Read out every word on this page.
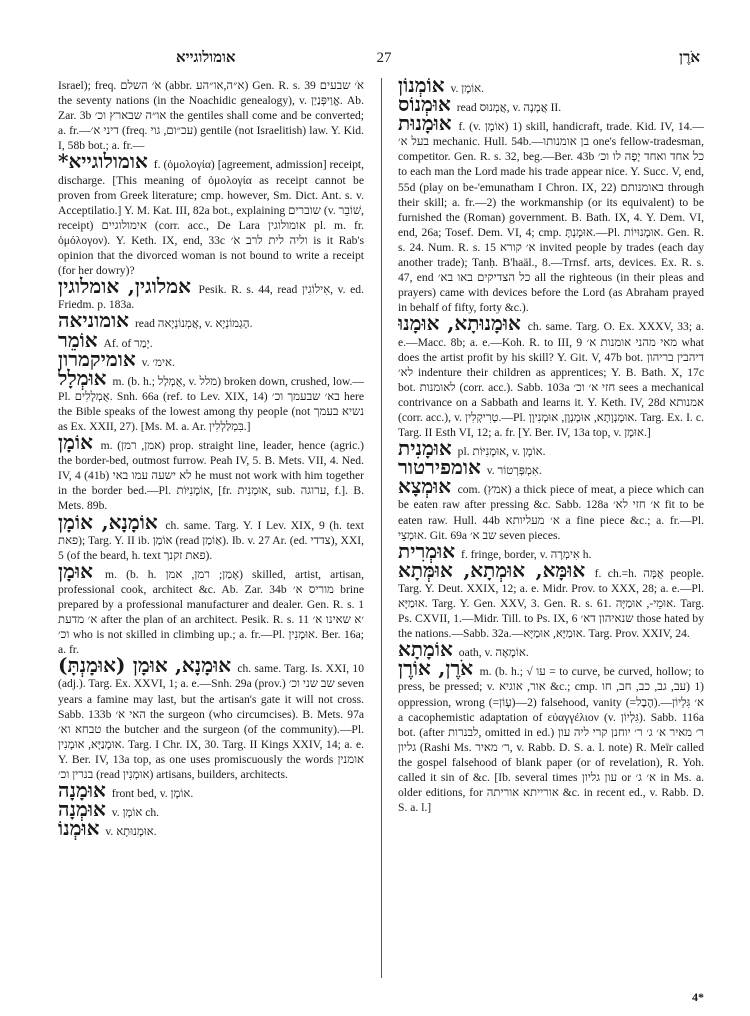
אומולוגייא	27	אֹרֶן

Israel); freq. אֹ׳ השלם (abbr. א״ה,או״הע) Gen. R. s. 39 אֹ׳ שבעים the seventy nations (in the Noachidic genealogy), v. אֱוַיפְּנַיַן. Ab. Zar. 3b או״ה שבארץ וכ׳ the gentiles shall come and be converted; a. fr.—דיני א׳ (freq. עכ״ום, גוי) gentile (not Israelitish) law. Y. Kid. I, 58b bot.; a. fr.—

אומולוגייא* f. (ὁμολογία) [agreement, admission] receipt, discharge. [This meaning of ὁμολογία as receipt cannot be proven from Greek literature; cmp. however, Sm. Dict. Ant. s. v. Acceptilatio.] Y. M. Kat. III, 82a bot., explaining שוברים (v. שׁוֹבֵר, receipt) אימולוגיים (corr. acc., De Lara אומולוגין pl. m. fr. ὁμόλογον). Y. Keth. IX, end, 33c וליה לית לרב אֹ׳ is it Rab's opinion that the divorced woman is not bound to write a receipt (for her dowry)?

אמלוגין, אומלוגין Pesik. R. s. 44, read אִילוֹגִין, v. ed. Friedm. p. 183a.

אומוניאה read אֲמְנוֹנְיָאה, v. הֶגְמוֹנְיָא.

אוֹמֵר Af. of יָמַר.

אומיקמרון v. אימ׳.

אוּמְלָל m. (b. h.; אֻמְלַל, v. מלל) broken down, crushed, low.—Pl. אֻמְלָלִים. Snh. 66a (ref. to Lev. XIX, 14) בא׳ שבעמך וכ׳ here the Bible speaks of the lowest among thy people (not נשיא בעמך as Ex. XXII, 27). [Ms. M. a. Ar. בִּמְלַלְלִין.]

אוֹמָן m. (אמן, רמן) prop. straight line, leader, hence (agric.) the border-bed, outmost furrow. Peah IV, 5. B. Mets. VII, 4. Ned. IV, 4 (41b) לא ישעה עמו באי he must not work with him together in the border bed.—Pl. אוֹמָנִיּוֹת, [fr. אוּמְנִית, sub. ערוגה, f.]. B. Mets. 89b.

אוֹמָנָא, אוֹמָן ch. same. Targ. Y. I Lev. XIX, 9 (h. text פאת); Targ. Y. II ib. אוֹמַן (read אַוֹמַן). Ib. v. 27 Ar. (ed. צדדי), XXI, 5 (of the beard, h. text פאת זקנך).

אוּמָן m. (b. h. אָמַן; רמן, אמן) skilled, artist, artisan, professional cook, architect &c. Ab. Zar. 34b מוריס א׳ brine prepared by a professional manufacturer and dealer. Gen. R. s. 1 א׳ מדעת after the plan of an architect. Pesik. R. s. 11 ׳א שאינו א׳ וכ׳ who is not skilled in climbing up.; a. fr.—Pl. אוּמָנִין. Ber. 16a; a. fr.

אוּמָנָא, אוּמָן (אוּמָנְתָּ) ch. same. Targ. Is. XXI, 10 (adj.). Targ. Ex. XXVI, 1; a. e.—Snh. 29a (prov.) שב שני וכ׳ seven years a famine may last, but the artisan's gate it will not cross. Sabb. 133b האי א׳ the surgeon (who circumcises). B. Mets. 97a טבחא וא׳ the butcher and the surgeon (of the community).—Pl. אוּמָנַיָּא, אוּמָנִין. Targ. I Chr. IX, 30. Targ. II Kings XXIV, 14; a. e. Y. Ber. IV, 13a top, as one uses promiscuously the words אומנין בנרין וכ׳ (read אוּמְנִין) artisans, builders, architects.

אוּמָנָה front bed, v. אוֹמָן.

אוּמְנָה v. אוֹמָן ch.

אוּמְנוֹ v. אוּמָנוּתָא.

אוֹמְנוֹן v. אוֹמָן.

אוּמְנוֹס read אֲמְנוּס, v. אֲמָנָה II.

אוּמָנוּת f. (v. אוֹמָן) 1) skill, handicraft, trade. Kid. IV, 14.—בעל א׳ mechanic. Hull. 54b.—בן אומנותו one's fellow-tradesman, competitor. Gen. R. s. 32, beg.—Ber. 43b כל אחד ואחד יָפָה לו וכ׳ to each man the Lord made his trade appear nice. Y. Succ. V, end, 55d (play on be-'emunatham I Chron. IX, 22) באומנותם through their skill; a. fr.—2) the workmanship (or its equivalent) to be furnished the (Roman) government. B. Bath. IX, 4. Y. Dem. VI, end, 26a; Tosef. Dem. VI, 4; cmp. אוּמָנְתָּ.—Pl. אוּמָנוּיוֹת. Gen. R. s. 24. Num. R. s. 15 א׳ קורא invited people by trades (each day another trade); Tanḥ. B'haäl., 8.—Trnsf. arts, devices. Ex. R. s. 47, end כל הצדיקים באו בא׳ all the righteous (in their pleas and prayers) came with devices before the Lord (as Abraham prayed in behalf of fifty, forty &c.).

אוּמָנוּתָא, אוּמָנוּ ch. same. Targ. O. Ex. XXXV, 33; a. e.—Macc. 8b; a. e.—Koh. R. to III, 9 מאי מהני אומנות א׳ what does the artist profit by his skill? Y. Git. V, 47b bot. דיהבין בריהון לא׳ indenture their children as apprentices; Y. B. Bath. X, 17c bot. לאומנות (corr. acc.). Sabb. 103a חזי א׳ וכ׳ sees a mechanical contrivance on a Sabbath and learns it. Y. Keth. IV, 28d אמנותא (corr. acc.), v. טְרִיקְלִין.—Pl. אוּמָנְוָתָא, אוּמָנְוָן, אוּמָנִיוָן. Targ. Ex. I. c. Targ. II Esth VI, 12; a. fr. [Y. Ber. IV, 13a top, v. אוּמָן.]

אוּמָנִית pl. אוּמָנִיּוֹת, v. אוֹמָן.

אומפירטור v. אִמְפְּרְטוֹר.

אוּמְצָא com. (אמץ) a thick piece of meat, a piece which can be eaten raw after pressing &c. Sabb. 128a א׳ חזי לא׳ fit to be eaten raw. Hull. 44b א׳ מעליותא a fine piece &c.; a. fr.—Pl. אוּמְצֵי. Git. 69a שב א׳ seven pieces.

אוּמְרִית f. fringe, border, v. אִימְרָה h.

אוּמָּא, אוּמְתָא, אוּמְּתָא f. ch.=h. אֻמָּה people. Targ. Y. Deut. XXIX, 12; a. e. Midr. Prov. to XXX, 28; a. e.—Pl. אוּמַיָּא. Targ. Y. Gen. XXV, 3. Gen. R. s. 61. אוּמֵי-, אוּמַיָּה. Targ. Ps. CXVII, 1.—Midr. Till. to Ps. IX, 6 שנאיהון דא׳ those hated by the nations.—Sabb. 32a.—אוּמַיָּא, אוּמַיָּא. Targ. Prov. XXIV, 24.

אוֹמָתָא oath, v. אוֹמָאָה.

אֹרֶן, אוֹרֶן m. (b. h.; √ עו = to curve, be curved, hollow; to press, be pressed; v. אור, אוגיא &c.; cmp. עב, גב, כב, חב, חו) 1) oppression, wrong (=עָוֹן)—2) falsehood, vanity (=הֶבֶל).—א׳ גִּלְיוֹן a cacophemistic adaptation of εὐαγγέλιον (v. גִּלְיוֹן). Sabb. 116a bot. (after לבנרות, omitted in ed.) ר׳ מאיר א׳ ג׳ ר׳ יוחנן קרי ליה עון גליון (Rashi Ms. ר׳ מאיר, v. Rabb. D. S. a. l. note) R. Meïr called the gospel falsehood of blank paper (or of revelation), R. Yoh. called it sin of &c. [Ib. several times עון גליון or א׳ ג׳ in Ms. a. older editions, for אורייתא אוריתה &c. in recent ed., v. Rabb. D. S. a. l.]

4*
